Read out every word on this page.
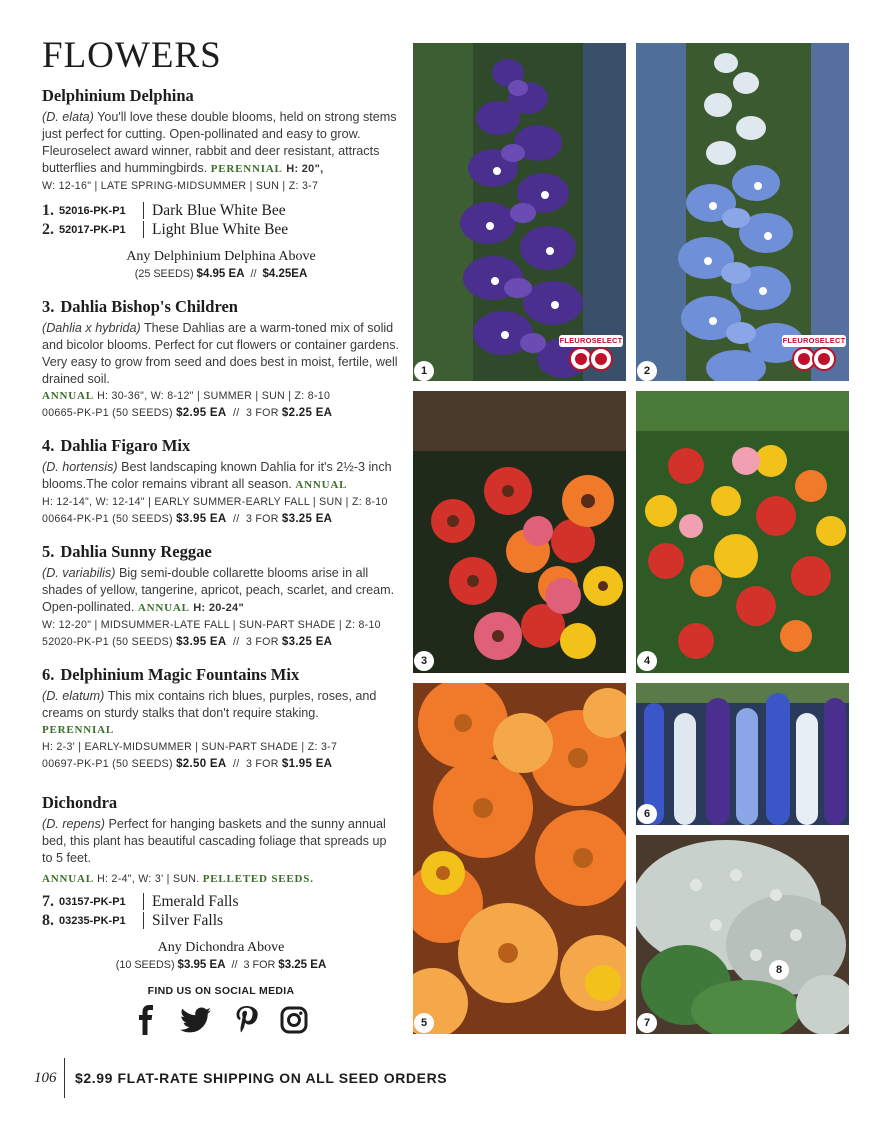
FLOWERS
Delphinium Delphina
(D. elata) You'll love these double blooms, held on strong stems just perfect for cutting. Open-pollinated and easy to grow. Fleuroselect award winner, rabbit and deer resistant, attracts butterflies and hummingbirds. PERENNIAL H: 20",
W: 12-16" | LATE SPRING-MIDSUMMER | SUN | Z: 3-7
1. 52016-PK-P1	Dark Blue White Bee
2. 52017-PK-P1	Light Blue White Bee
Any Delphinium Delphina Above
(25 SEEDS) $4.95 EA // $4.25EA
3. Dahlia Bishop's Children
(Dahlia x hybrida) These Dahlias are a warm-toned mix of solid and bicolor blooms. Perfect for cut flowers or container gardens. Very easy to grow from seed and does best in moist, fertile, well drained soil.
ANNUAL H: 30-36", W: 8-12" | SUMMER | SUN | Z: 8-10
00665-PK-P1 (50 SEEDS) $2.95 EA // 3 FOR $2.25 EA
4. Dahlia Figaro Mix
(D. hortensis) Best landscaping known Dahlia for it's 2½-3 inch blooms.The color remains vibrant all season. ANNUAL
H: 12-14", W: 12-14" | EARLY SUMMER-EARLY FALL | SUN | Z: 8-10
00664-PK-P1 (50 SEEDS) $3.95 EA // 3 FOR $3.25 EA
5. Dahlia Sunny Reggae
(D. variabilis) Big semi-double collarette blooms arise in all shades of yellow, tangerine, apricot, peach, scarlet, and cream. Open-pollinated. ANNUAL H: 20-24"
W: 12-20" | MIDSUMMER-LATE FALL | SUN-PART SHADE | Z: 8-10
52020-PK-P1 (50 SEEDS) $3.95 EA // 3 FOR $3.25 EA
6. Delphinium Magic Fountains Mix
(D. elatum) This mix contains rich blues, purples, roses, and creams on sturdy stalks that don't require staking.
PERENNIAL
H: 2-3' | EARLY-MIDSUMMER | SUN-PART SHADE | Z: 3-7
00697-PK-P1 (50 SEEDS) $2.50 EA // 3 FOR $1.95 EA
Dichondra
(D. repens) Perfect for hanging baskets and the sunny annual bed, this plant has beautiful cascading foliage that spreads up to 5 feet.
ANNUAL H: 2-4", W: 3' | SUN. PELLETED SEEDS.
7. 03157-PK-P1	Emerald Falls
8. 03235-PK-P1	Silver Falls
Any Dichondra Above
(10 SEEDS) $3.95 EA // 3 FOR $3.25 EA
FIND US ON SOCIAL MEDIA
106	$2.99 FLAT-RATE SHIPPING ON ALL SEED ORDERS
FLEUROSELECT
1
FLEUROSELECT
2
3	4
5
6
7
8
